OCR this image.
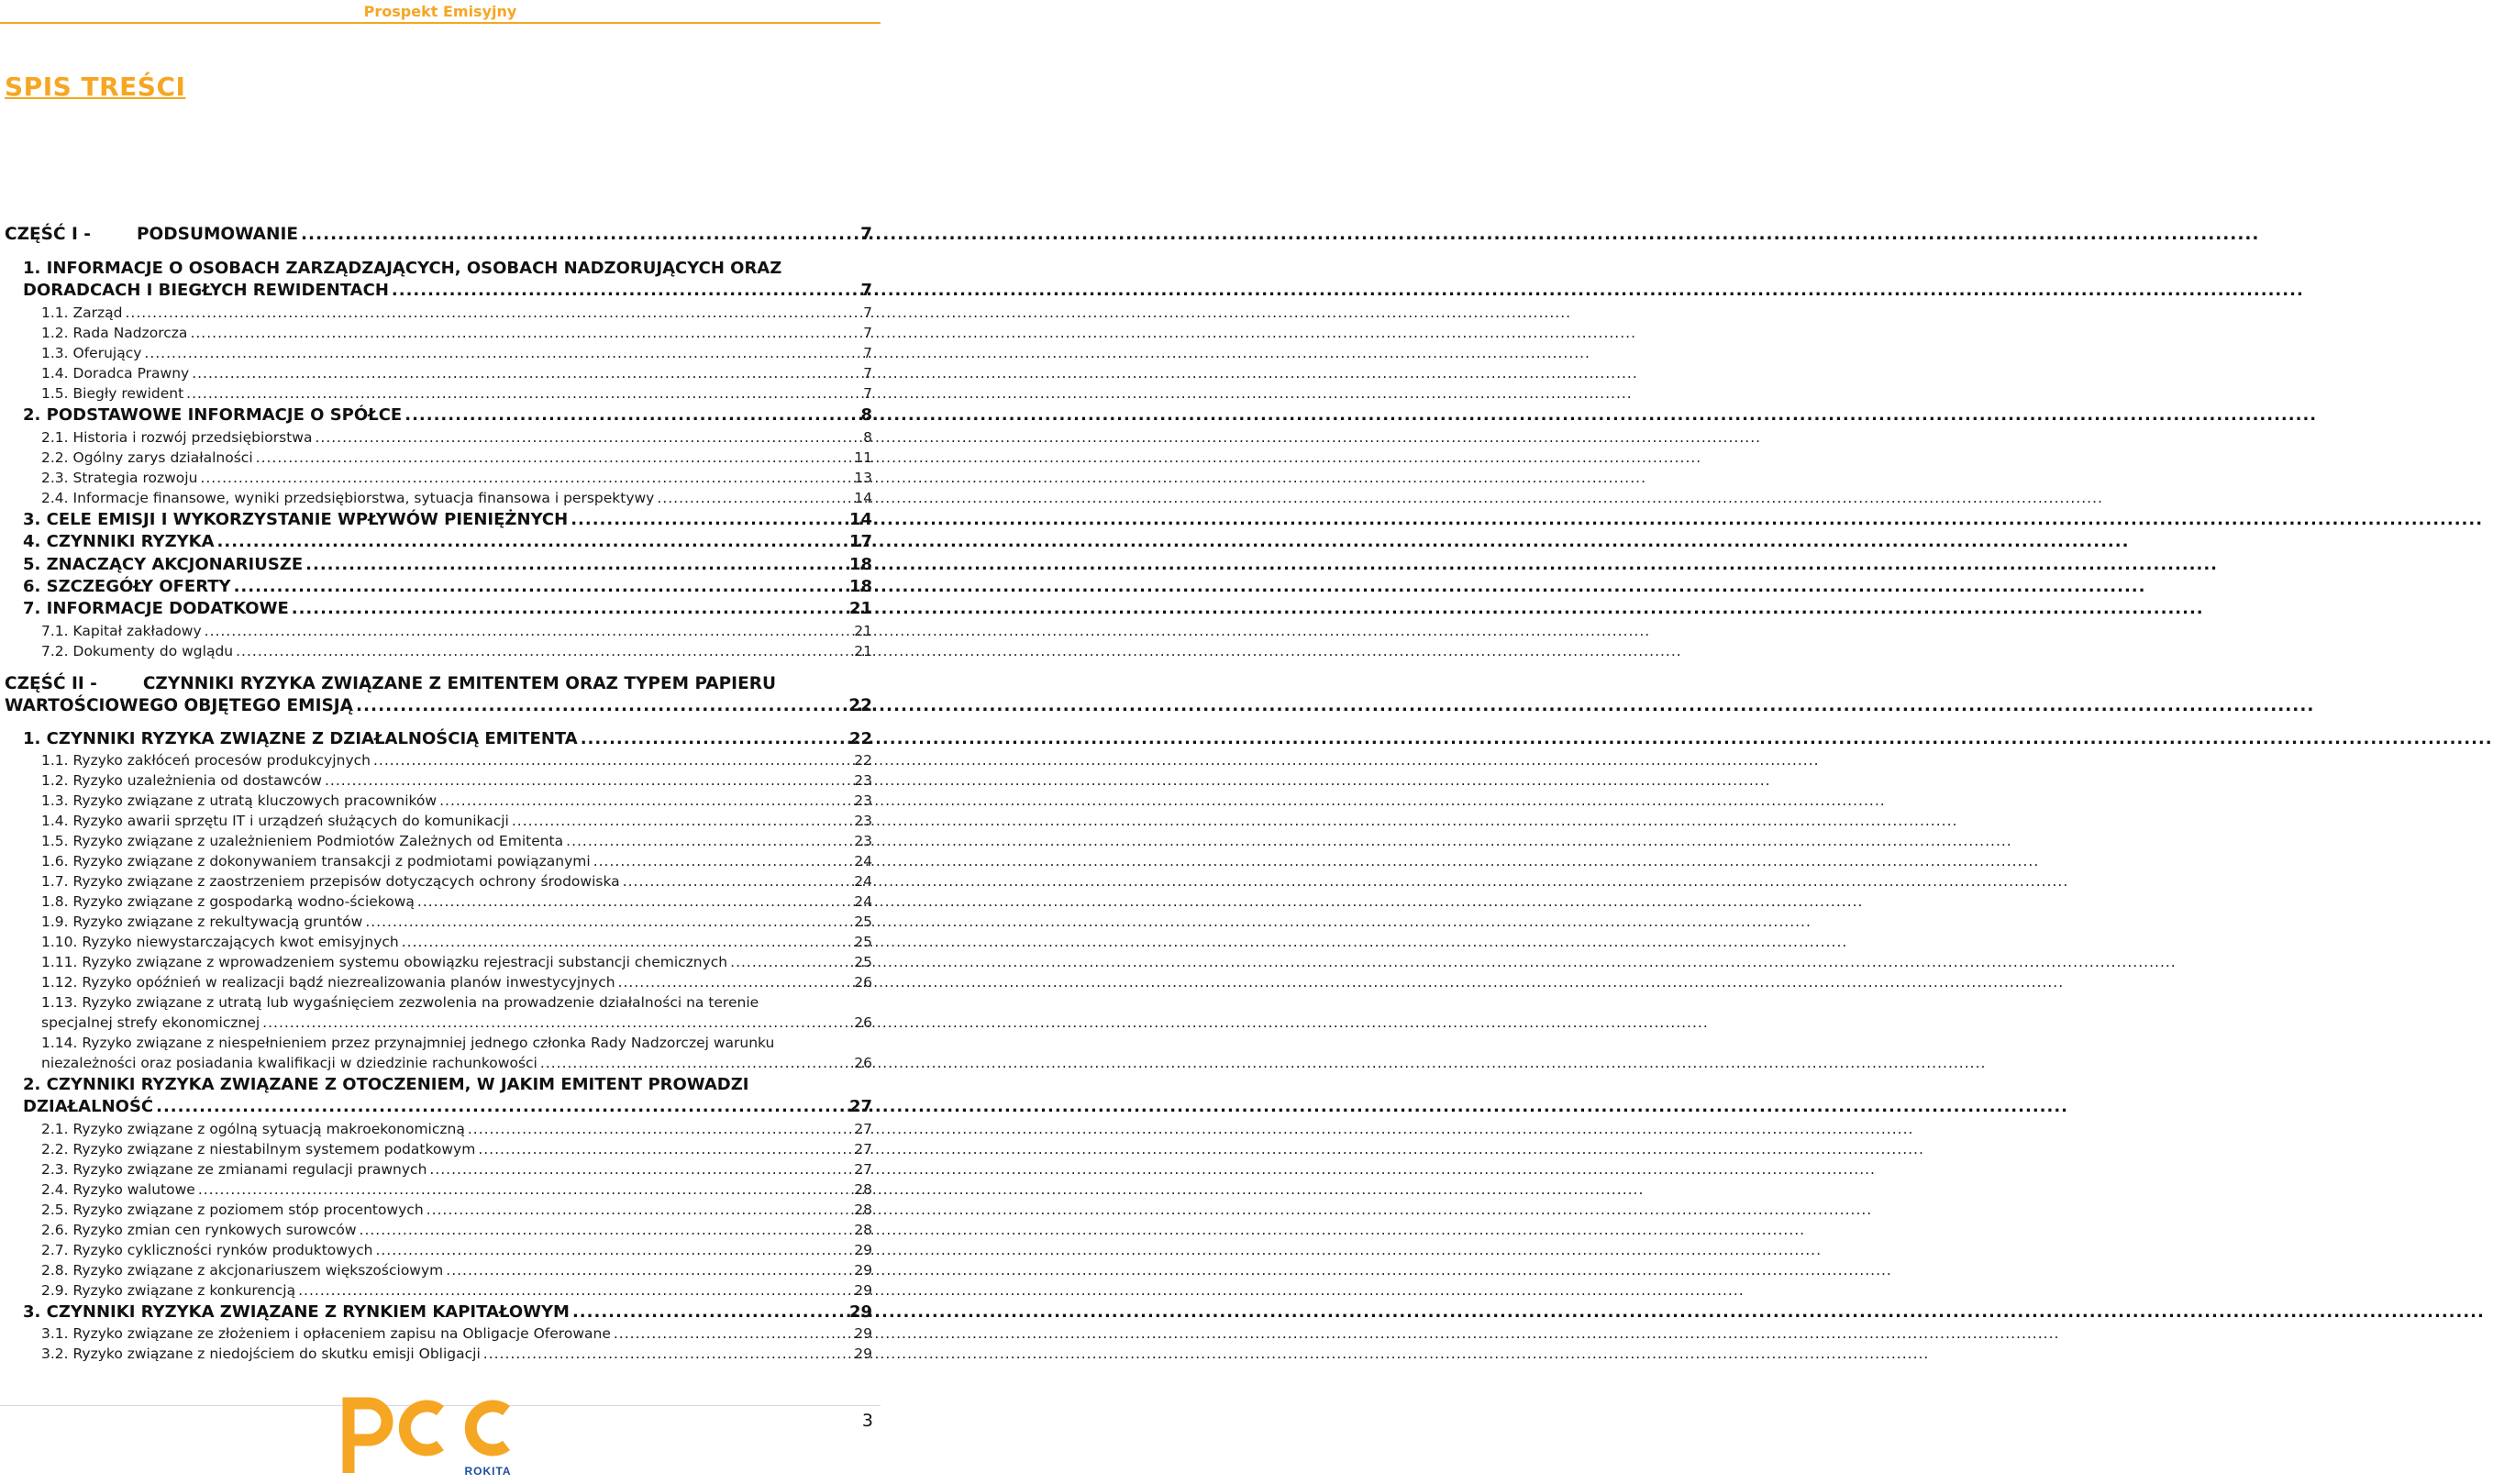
Prospekt Emisyjny
SPIS TREŚCI
CZĘŚĆ I -	PODSUMOWANIE .....	7
1. INFORMACJE O OSOBACH ZARZĄDZAJĄCYCH, OSOBACH NADZORUJĄCYCH ORAZ
DORADCACH I BIEGŁYCH REWIDENTACH .....	7
1.1. Zarząd .....	7
1.2. Rada Nadzorcza .....	7
1.3. Oferujący .....	7
1.4. Doradca Prawny .....	7
1.5. Biegły rewident .....	7
2. PODSTAWOWE INFORMACJE O SPÓŁCE .....	8
2.1. Historia i rozwój przedsiębiorstwa .....	8
2.2. Ogólny zarys działalności .....	11
2.3. Strategia rozwoju .....	13
2.4. Informacje finansowe, wyniki przedsiębiorstwa, sytuacja finansowa i perspektywy .....	14
3. CELE EMISJI I WYKORZYSTANIE WPŁYWÓW PIENIĘŻNYCH .....	14
4. CZYNNIKI RYZYKA .....	17
5. ZNACZĄCY AKCJONARIUSZE .....	18
6. SZCZEGÓŁY OFERTY .....	18
7. INFORMACJE DODATKOWE .....	21
7.1. Kapitał zakładowy .....	21
7.2. Dokumenty do wglądu .....	21
CZĘŚĆ II -	CZYNNIKI RYZYKA ZWIĄZANE Z EMITENTEM ORAZ TYPEM PAPIERU
WARTOŚCIOWEGO OBJĘTEGO EMISJĄ .....	22
1. CZYNNIKI RYZYKA ZWIĄZNE Z DZIAŁALNOŚCIĄ EMITENTA .....	22
1.1. Ryzyko zakłóceń procesów produkcyjnych .....	22
1.2. Ryzyko uzależnienia od dostawców .....	23
1.3. Ryzyko związane z utratą kluczowych pracowników .....	23
1.4. Ryzyko awarii sprzętu IT i urządzeń służących do komunikacji .....	23
1.5. Ryzyko związane z uzależnieniem Podmiotów Zależnych od Emitenta .....	23
1.6. Ryzyko związane z dokonywaniem transakcji z podmiotami powiązanymi .....	24
1.7. Ryzyko związane z zaostrzeniem przepisów dotyczących ochrony środowiska .....	24
1.8. Ryzyko związane z gospodarką wodno-ściekową .....	24
1.9. Ryzyko związane z rekultywacją gruntów .....	25
1.10. Ryzyko niewystarczających kwot emisyjnych .....	25
1.11. Ryzyko związane z wprowadzeniem systemu obowiązku rejestracji substancji chemicznych .....	25
1.12. Ryzyko opóźnień w realizacji bądź niezrealizowania planów inwestycyjnych .....	26
1.13. Ryzyko związane z utratą lub wygaśnięciem zezwolenia na prowadzenie działalności na terenie
specjalnej strefy ekonomicznej .....	26
1.14. Ryzyko związane z niespełnieniem przez przynajmniej jednego członka Rady Nadzorczej warunku
niezależności oraz posiadania kwalifikacji w dziedzinie rachunkowości .....	26
2. CZYNNIKI RYZYKA ZWIĄZANE Z OTOCZENIEM, W JAKIM EMITENT PROWADZI
DZIAŁALNOŚĆ .....	27
2.1. Ryzyko związane z ogólną sytuacją makroekonomiczną .....	27
2.2. Ryzyko związane z niestabilnym systemem podatkowym .....	27
2.3. Ryzyko związane ze zmianami regulacji prawnych .....	27
2.4. Ryzyko walutowe .....	28
2.5. Ryzyko związane z poziomem stóp procentowych .....	28
2.6. Ryzyko zmian cen rynkowych surowców .....	28
2.7. Ryzyko cykliczności rynków produktowych .....	29
2.8. Ryzyko związane z akcjonariuszem większościowym .....	29
2.9. Ryzyko związane z konkurencją .....	29
3. CZYNNIKI RYZYKA ZWIĄZANE Z RYNKIEM KAPITAŁOWYM .....	29
3.1. Ryzyko związane ze złożeniem i opłaceniem zapisu na Obligacje Oferowane .....	29
3.2. Ryzyko związane z niedojściem do skutku emisji Obligacji .....	29
3
ROKITA
